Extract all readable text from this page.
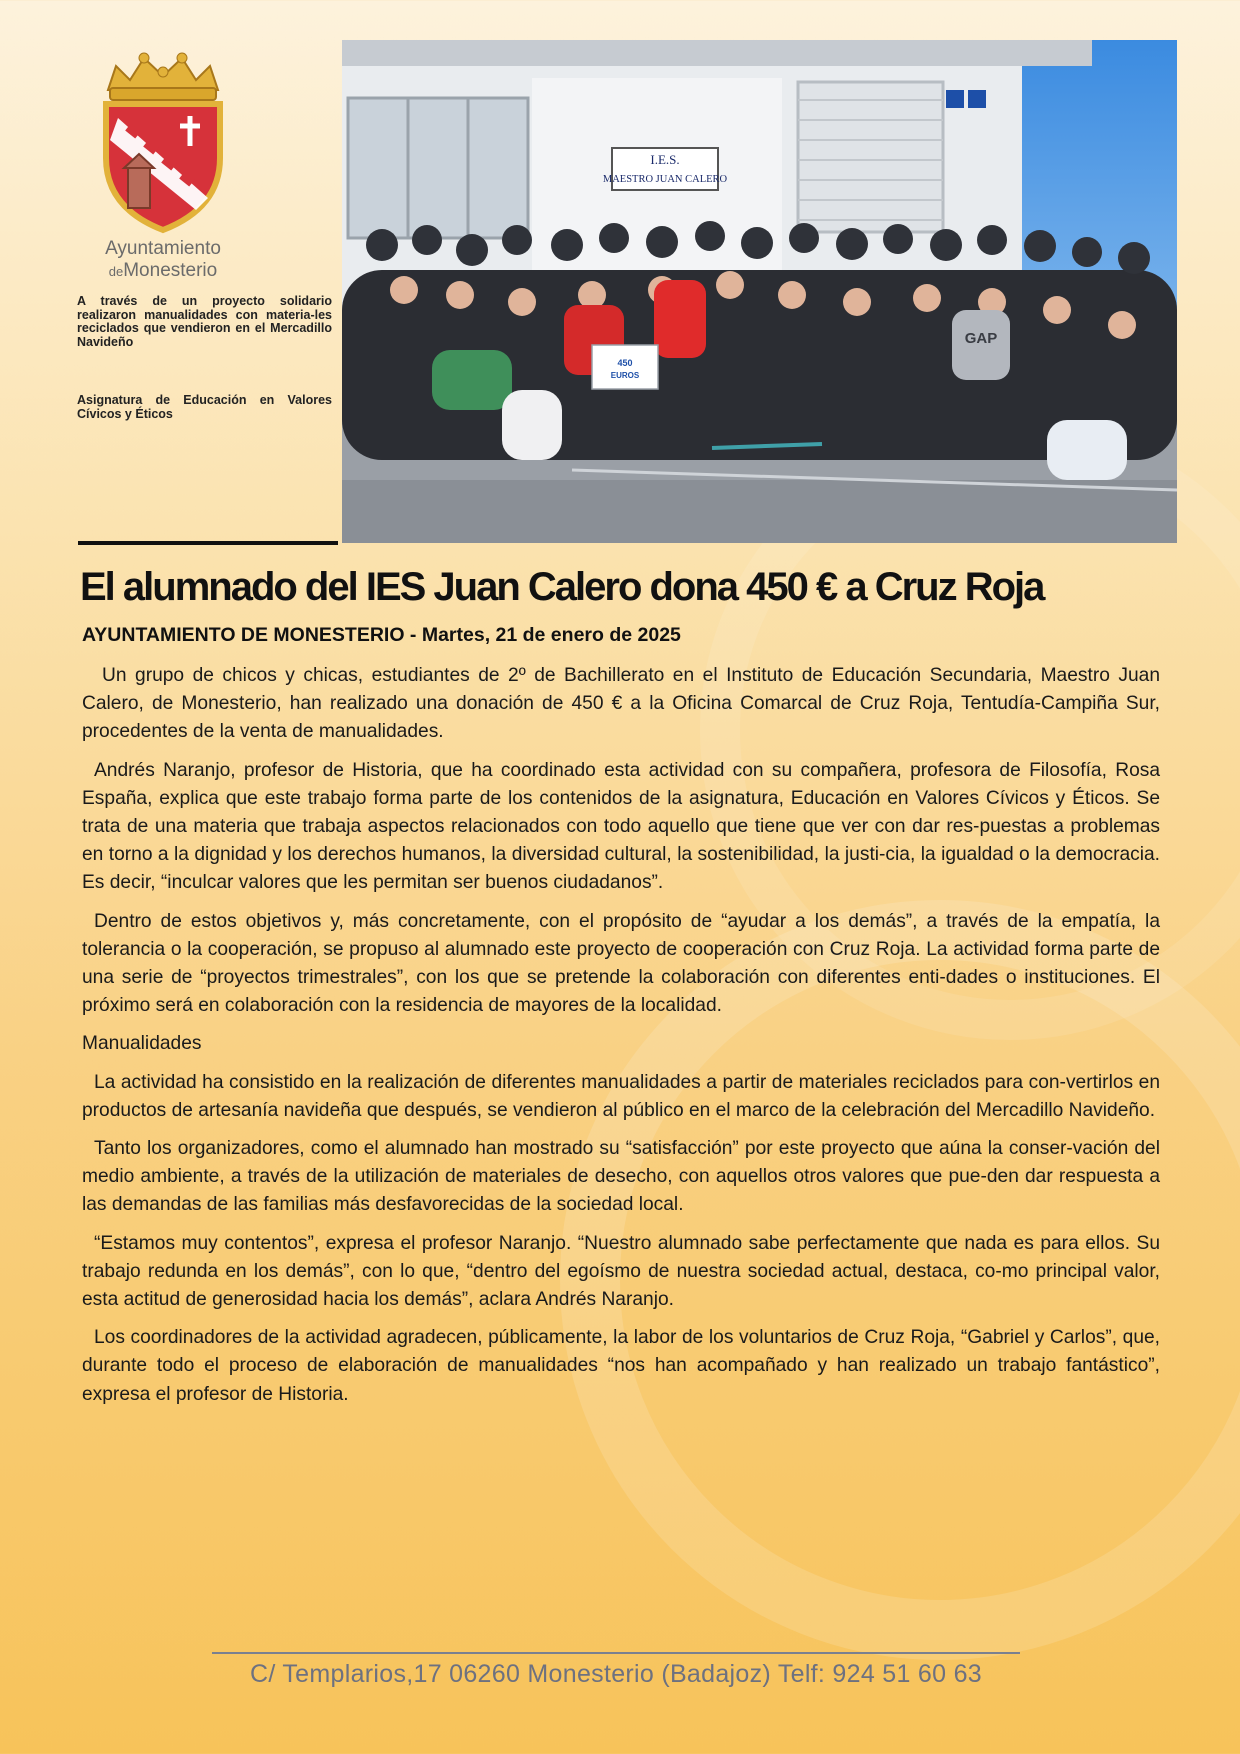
Ayuntamiento
deMonesterio
A través de un proyecto solidario realizaron manualidades con materia-les reciclados que vendieron en el Mercadillo Navideño
Asignatura de Educación en Valores Cívicos y Éticos
I.E.S.
MAESTRO JUAN CALERO
GAP
450
EUROS
El alumnado del IES Juan Calero dona 450 € a Cruz Roja
AYUNTAMIENTO DE MONESTERIO - Martes, 21 de enero de 2025

Un grupo de chicos y chicas, estudiantes de 2º de Bachillerato en el Instituto de Educación Secundaria, Maestro Juan Calero, de Monesterio, han realizado una donación de 450 € a la Oficina Comarcal de Cruz Roja, Tentudía-Campiña Sur, procedentes de la venta de manualidades.

Andrés Naranjo, profesor de Historia, que ha coordinado esta actividad con su compañera, profesora de Filosofía, Rosa España, explica que este trabajo forma parte de los contenidos de la asignatura, Educación en Valores Cívicos y Éticos. Se trata de una materia que trabaja aspectos relacionados con todo aquello que tiene que ver con dar res-puestas a problemas en torno a la dignidad y los derechos humanos, la diversidad cultural, la sostenibilidad, la justi-cia, la igualdad o la democracia. Es decir, “inculcar valores que les permitan ser buenos ciudadanos”.

Dentro de estos objetivos y, más concretamente, con el propósito de “ayudar a los demás”, a través de la empatía, la tolerancia o la cooperación, se propuso al alumnado este proyecto de cooperación con Cruz Roja. La actividad forma parte de una serie de “proyectos trimestrales”, con los que se pretende la colaboración con diferentes enti-dades o instituciones. El próximo será en colaboración con la residencia de mayores de la localidad.

Manualidades

La actividad ha consistido en la realización de diferentes manualidades a partir de materiales reciclados para con-vertirlos en productos de artesanía navideña que después, se vendieron al público en el marco de la celebración del Mercadillo Navideño.

Tanto los organizadores, como el alumnado han mostrado su “satisfacción” por este proyecto que aúna la conser-vación del medio ambiente, a través de la utilización de materiales de desecho, con aquellos otros valores que pue-den dar respuesta a las demandas de las familias más desfavorecidas de la sociedad local.

“Estamos muy contentos”, expresa el profesor Naranjo. “Nuestro alumnado sabe perfectamente que nada es para ellos. Su trabajo redunda en los demás”, con lo que, “dentro del egoísmo de nuestra sociedad actual, destaca, co-mo principal valor, esta actitud de generosidad hacia los demás”, aclara Andrés Naranjo.

Los coordinadores de la actividad agradecen, públicamente, la labor de los voluntarios de Cruz Roja, “Gabriel y Carlos”, que, durante todo el proceso de elaboración de manualidades “nos han acompañado y han realizado un trabajo fantástico”, expresa el profesor de Historia.

C/ Templarios,17 06260 Monesterio (Badajoz) Telf: 924 51 60 63
